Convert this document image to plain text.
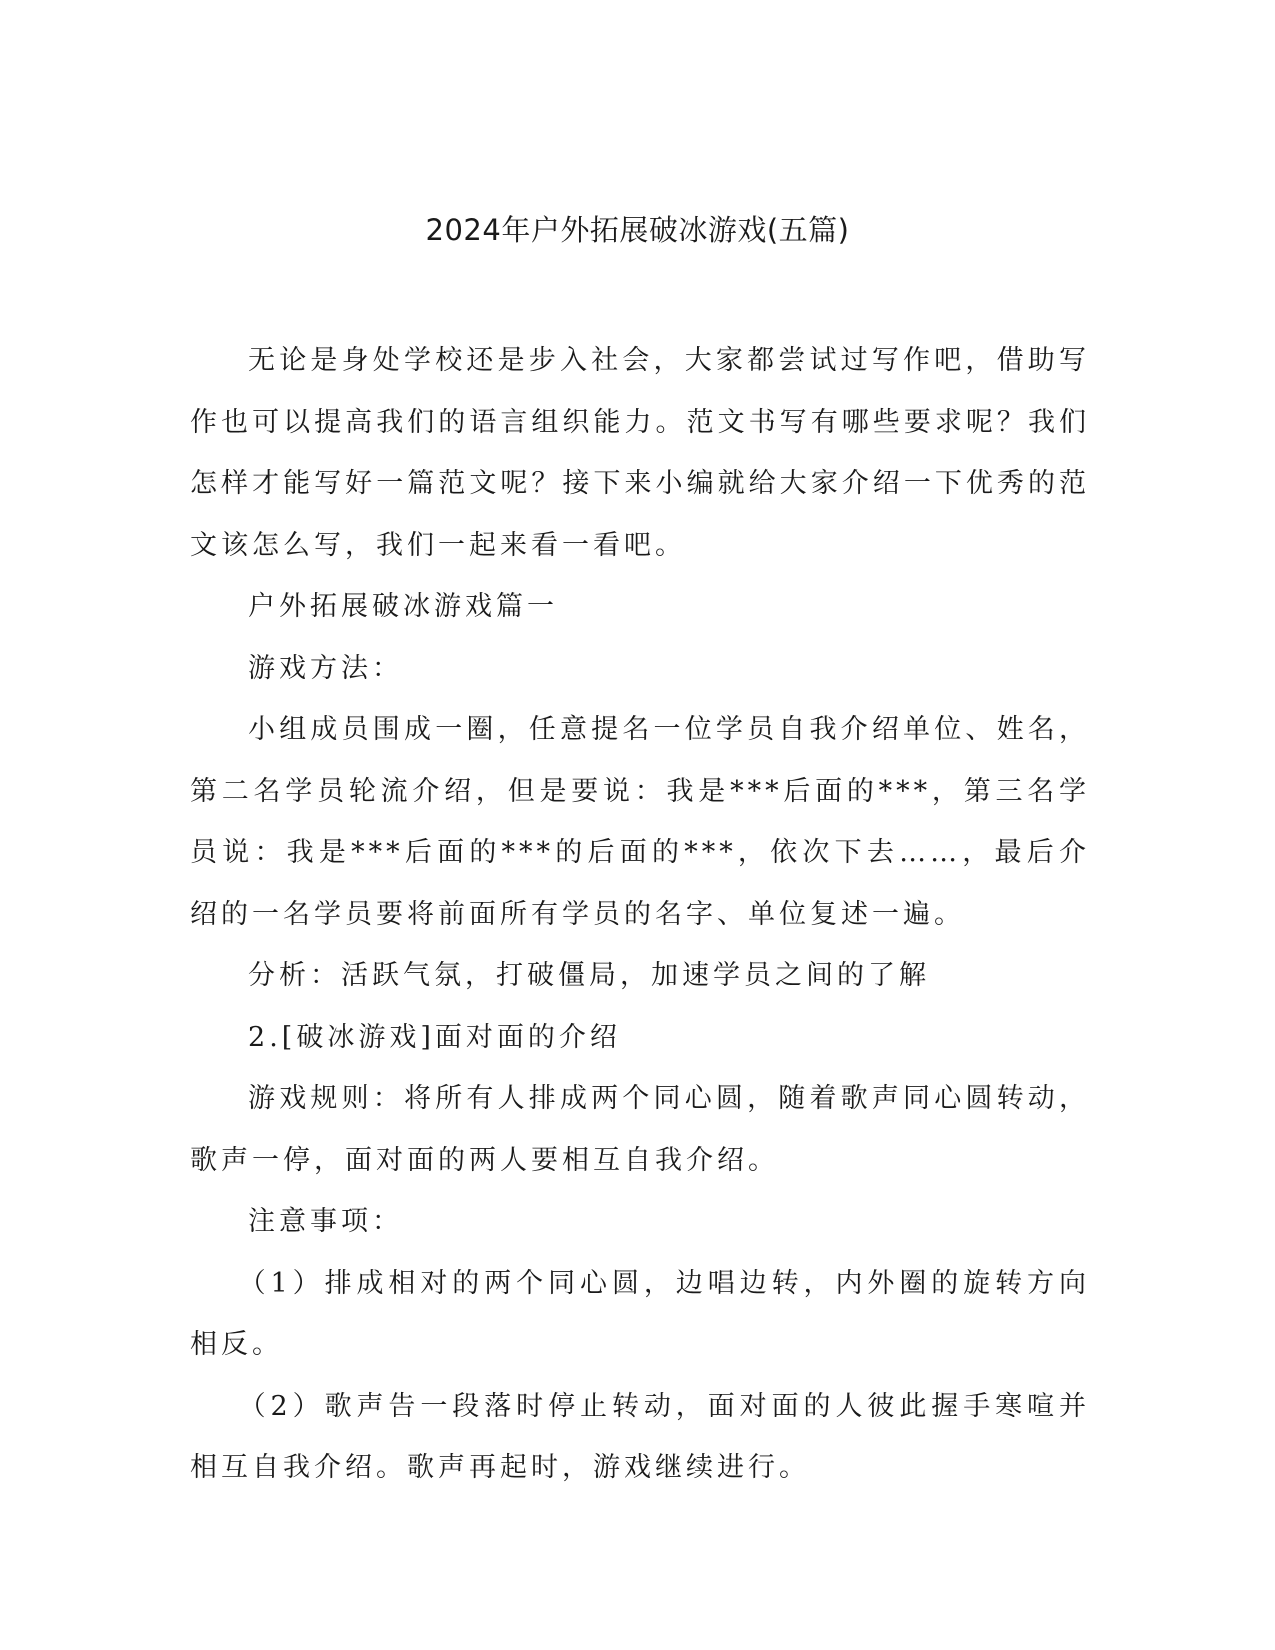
2024年户外拓展破冰游戏(五篇)

无论是身处学校还是步入社会，大家都尝试过写作吧，借助写作也可以提高我们的语言组织能力。范文书写有哪些要求呢？我们怎样才能写好一篇范文呢？接下来小编就给大家介绍一下优秀的范文该怎么写，我们一起来看一看吧。

户外拓展破冰游戏篇一

游戏方法：

小组成员围成一圈，任意提名一位学员自我介绍单位、姓名，第二名学员轮流介绍，但是要说：我是***后面的***，第三名学员说：我是***后面的***的后面的***，依次下去……，最后介绍的一名学员要将前面所有学员的名字、单位复述一遍。

分析：活跃气氛，打破僵局，加速学员之间的了解

2.[破冰游戏]面对面的介绍

游戏规则：将所有人排成两个同心圆，随着歌声同心圆转动，歌声一停，面对面的两人要相互自我介绍。

注意事项：

（1）排成相对的两个同心圆，边唱边转，内外圈的旋转方向相反。

（2）歌声告一段落时停止转动，面对面的人彼此握手寒喧并相互自我介绍。歌声再起时，游戏继续进行。
